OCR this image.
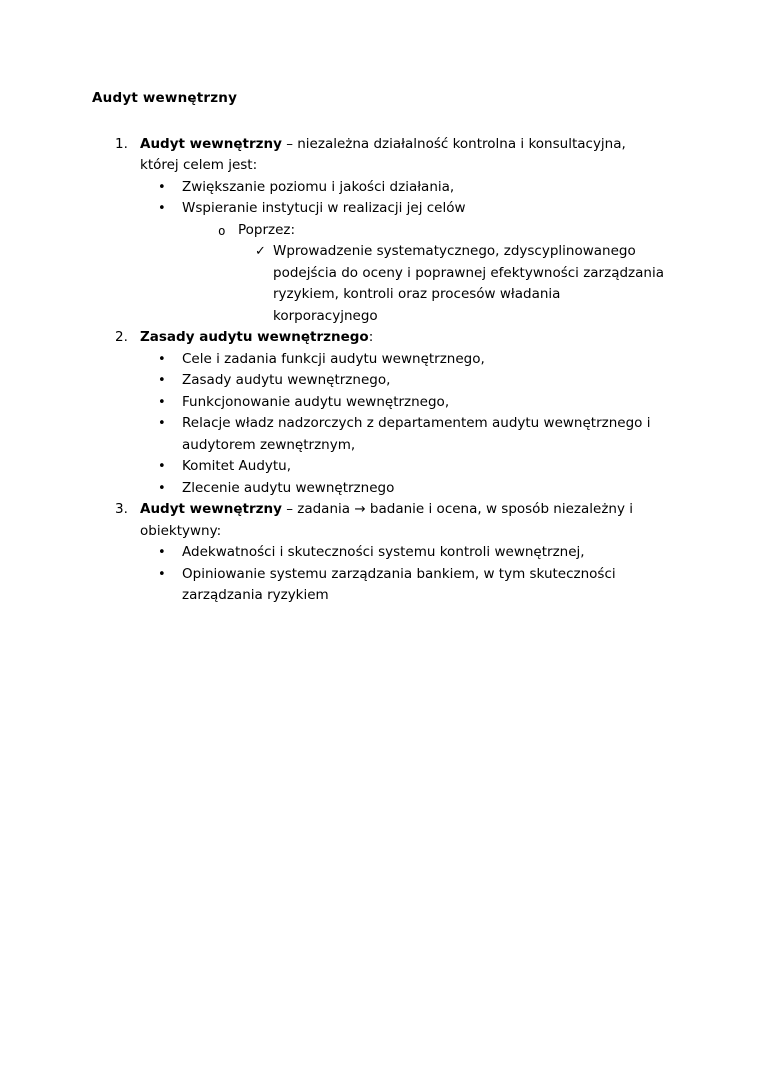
Audyt wewnętrzny
1. Audyt wewnętrzny – niezależna działalność kontrolna i konsultacyjna, której celem jest:
•	Zwiększanie poziomu i jakości działania,
•	Wspieranie instytucji w realizacji jej celów
o Poprzez:
✓ Wprowadzenie systematycznego, zdyscyplinowanego podejścia do oceny i poprawnej efektywności zarządzania ryzykiem, kontroli oraz procesów władania korporacyjnego
2. Zasady audytu wewnętrznego:
•	Cele i zadania funkcji audytu wewnętrznego,
•	Zasady audytu wewnętrznego,
•	Funkcjonowanie audytu wewnętrznego,
•	Relacje władz nadzorczych z departamentem audytu wewnętrznego i audytorem zewnętrznym,
•	Komitet Audytu,
•	Zlecenie audytu wewnętrznego
3. Audyt wewnętrzny – zadania → badanie i ocena, w sposób niezależny i obiektywny:
•	Adekwatności i skuteczności systemu kontroli wewnętrznej,
•	Opiniowanie systemu zarządzania bankiem, w tym skuteczności zarządzania ryzykiem
